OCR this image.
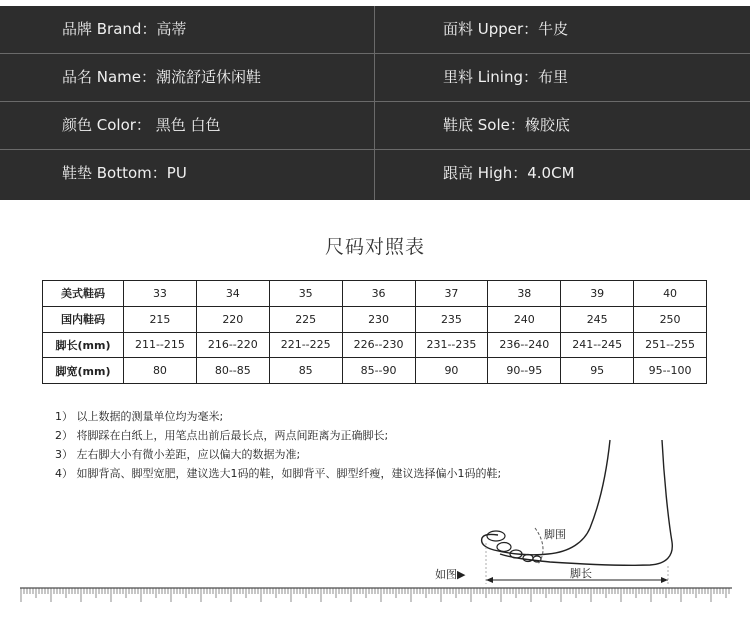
品牌 Brand：高蒂	面料 Upper：牛皮
品名 Name：潮流舒适休闲鞋	里料 Lining：布里
颜色 Color： 黑色 白色	鞋底 Sole：橡胶底
鞋垫 Bottom：PU	跟高 High：4.0CM
尺码对照表
美式鞋码	33	34	35	36	37	38	39	40
国内鞋码	215	220	225	230	235	240	245	250
脚长(mm)	211--215	216--220	221--225	226--230	231--235	236--240	241--245	251--255
脚宽(mm)	80	80--85	85	85--90	90	90--95	95	95--100
1） 以上数据的测量单位均为毫米;
2） 将脚踩在白纸上，用笔点出前后最长点，两点间距离为正确脚长;
3） 左右脚大小有微小差距，应以偏大的数据为准;
4） 如脚背高、脚型宽肥，建议选大1码的鞋，如脚背平、脚型纤瘦，建议选择偏小1码的鞋;
脚围
脚长
如图▶
